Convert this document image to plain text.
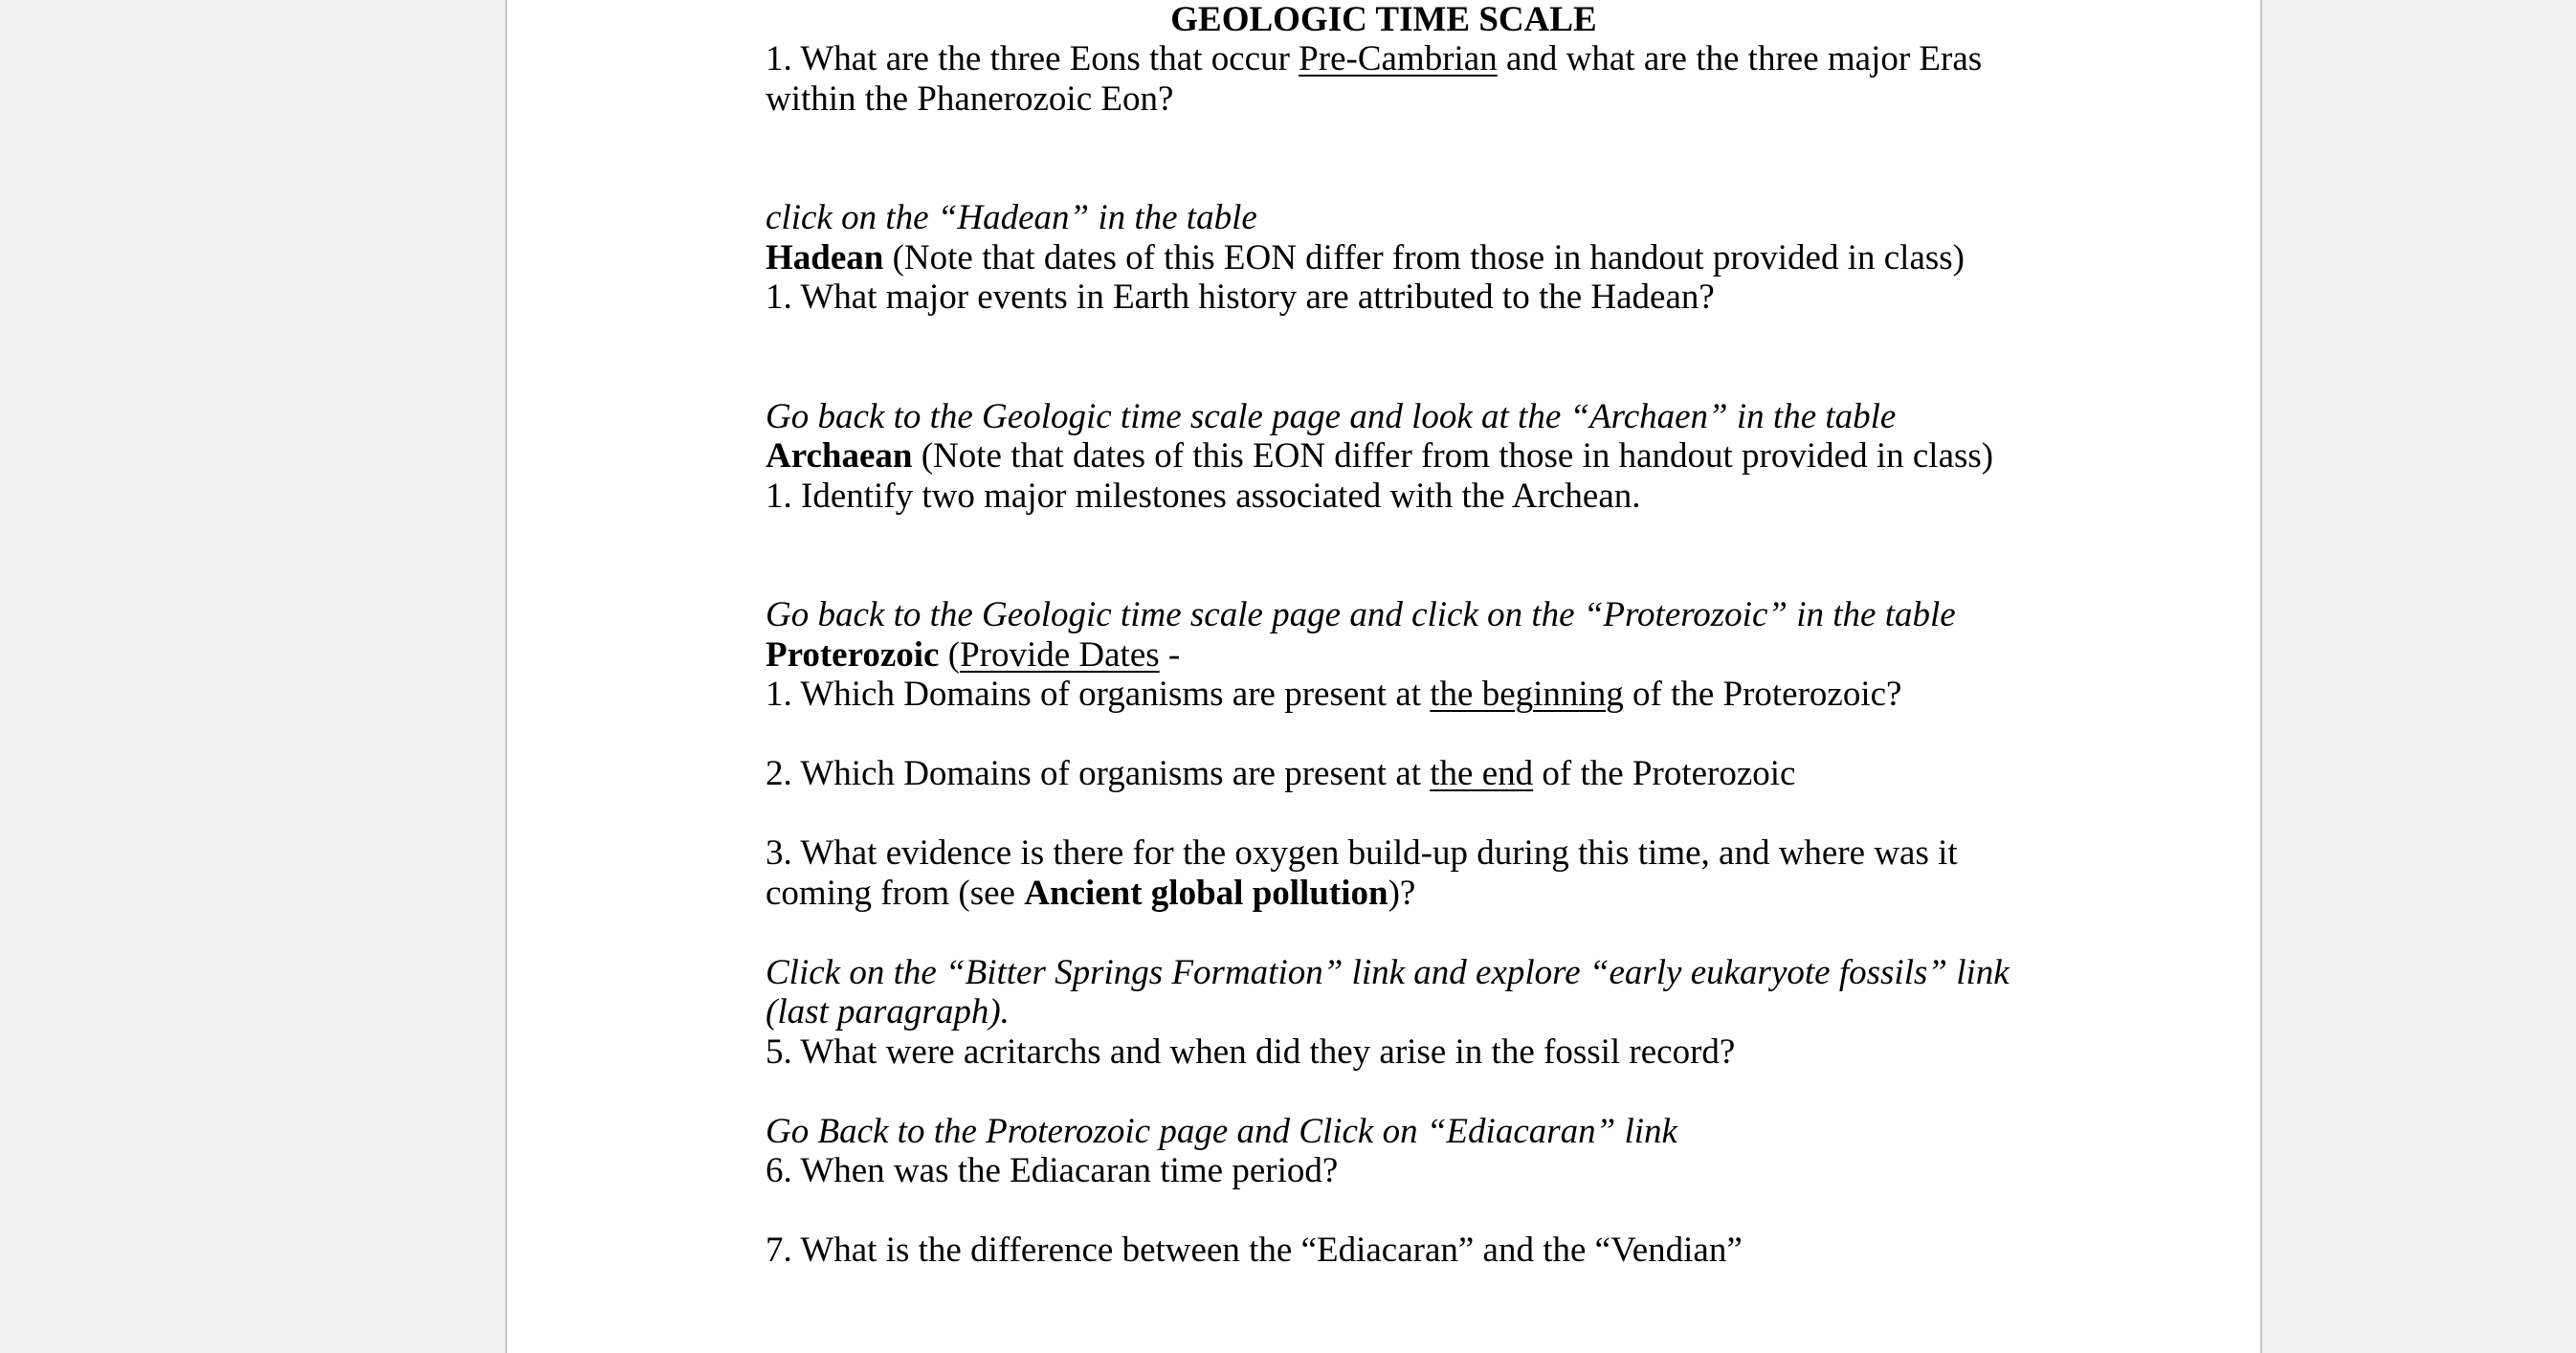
GEOLOGIC TIME SCALE
1. What are the three Eons that occur Pre-Cambrian and what are the three major Eras
within the Phanerozoic Eon?
click on the “Hadean” in the table
Hadean (Note that dates of this EON differ from those in handout provided in class)
1. What major events in Earth history are attributed to the Hadean?
Go back to the Geologic time scale page and look at the “Archaen” in the table
Archaean (Note that dates of this EON differ from those in handout provided in class)
1. Identify two major milestones associated with the Archean.
Go back to the Geologic time scale page and click on the “Proterozoic” in the table
Proterozoic (Provide Dates -
1. Which Domains of organisms are present at the beginning of the Proterozoic?
2. Which Domains of organisms are present at the end of the Proterozoic
3. What evidence is there for the oxygen build-up during this time, and where was it
coming from (see Ancient global pollution)?
Click on the “Bitter Springs Formation” link and explore “early eukaryote fossils” link
(last paragraph).
5. What were acritarchs and when did they arise in the fossil record?
Go Back to the Proterozoic page and Click on “Ediacaran” link
6. When was the Ediacaran time period?
7. What is the difference between the “Ediacaran” and the “Vendian”
